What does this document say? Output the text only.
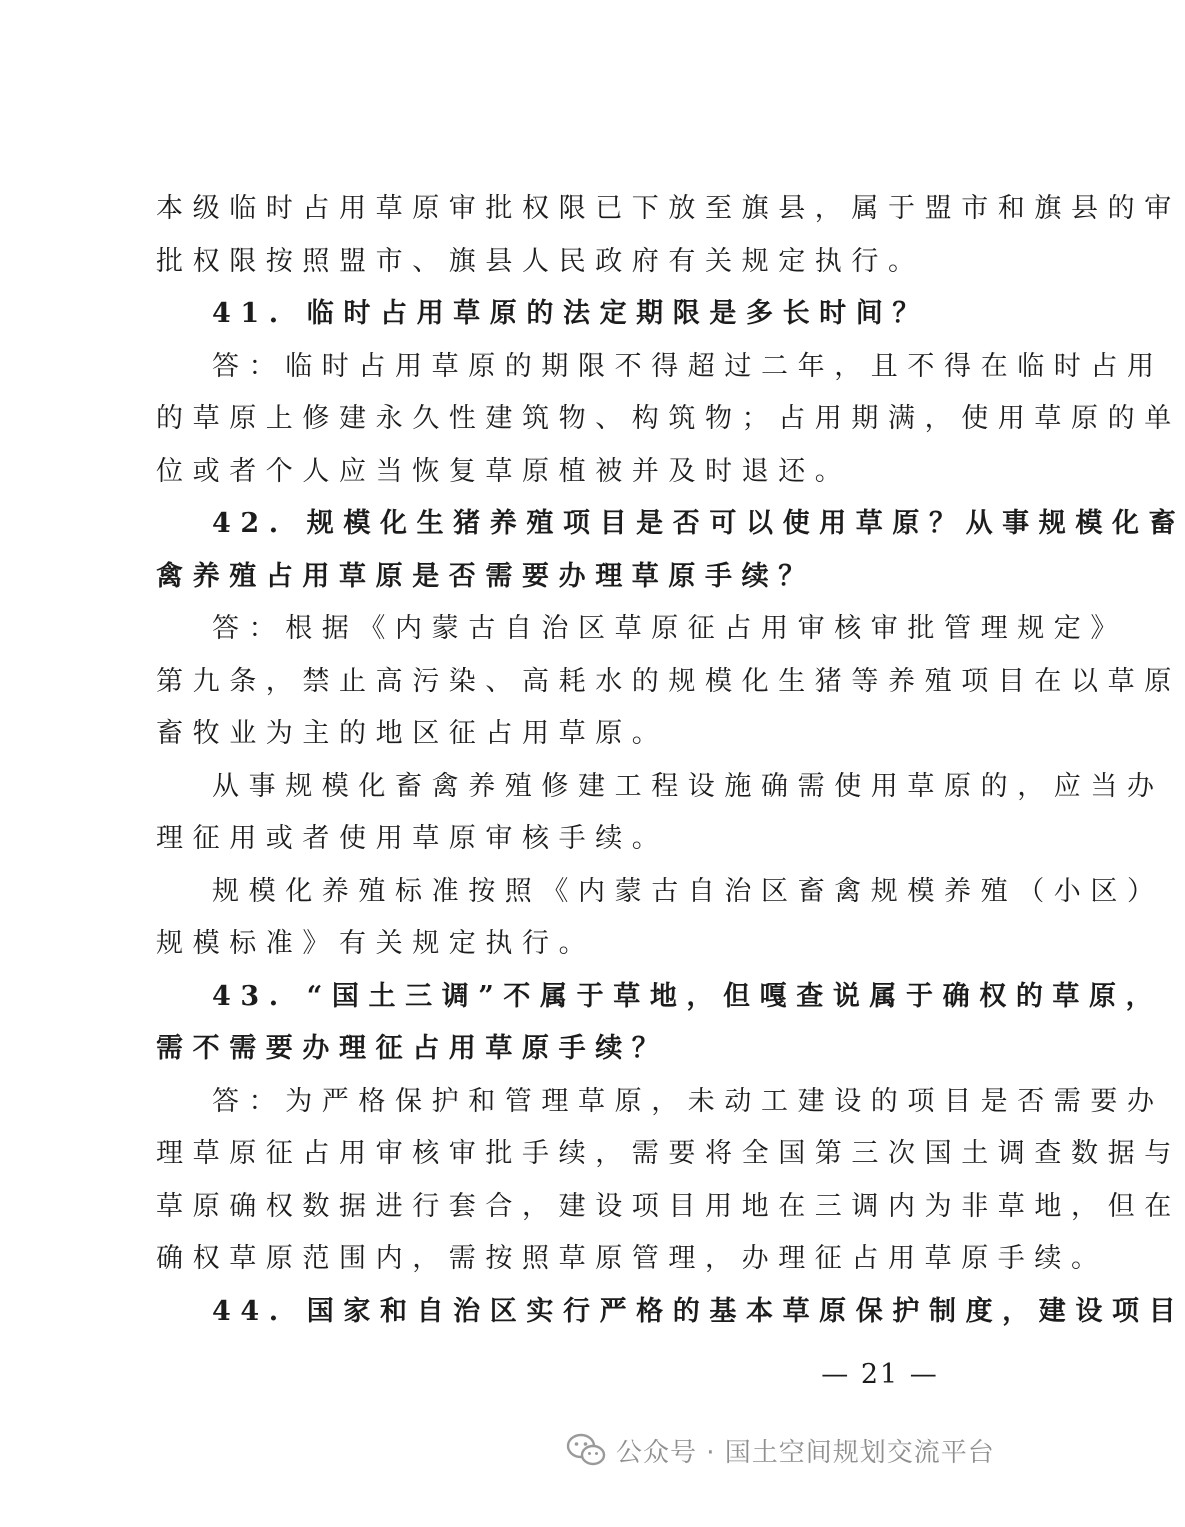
本级临时占用草原审批权限已下放至旗县，属于盟市和旗县的审
批权限按照盟市、旗县人民政府有关规定执行。
41. 临时占用草原的法定期限是多长时间？
答：临时占用草原的期限不得超过二年，且不得在临时占用
的草原上修建永久性建筑物、构筑物；占用期满，使用草原的单
位或者个人应当恢复草原植被并及时退还。
42. 规模化生猪养殖项目是否可以使用草原？从事规模化畜
禽养殖占用草原是否需要办理草原手续？
答：根据《内蒙古自治区草原征占用审核审批管理规定》
第九条，禁止高污染、高耗水的规模化生猪等养殖项目在以草原
畜牧业为主的地区征占用草原。
从事规模化畜禽养殖修建工程设施确需使用草原的，应当办
理征用或者使用草原审核手续。
规模化养殖标准按照《内蒙古自治区畜禽规模养殖（小区）
规模标准》有关规定执行。
43. “国土三调”不属于草地，但嘎查说属于确权的草原，
需不需要办理征占用草原手续？
答：为严格保护和管理草原，未动工建设的项目是否需要办
理草原征占用审核审批手续，需要将全国第三次国土调查数据与
草原确权数据进行套合，建设项目用地在三调内为非草地，但在
确权草原范围内，需按照草原管理，办理征占用草原手续。
44. 国家和自治区实行严格的基本草原保护制度，建设项目
— 21 —
公众号 · 国土空间规划交流平台
